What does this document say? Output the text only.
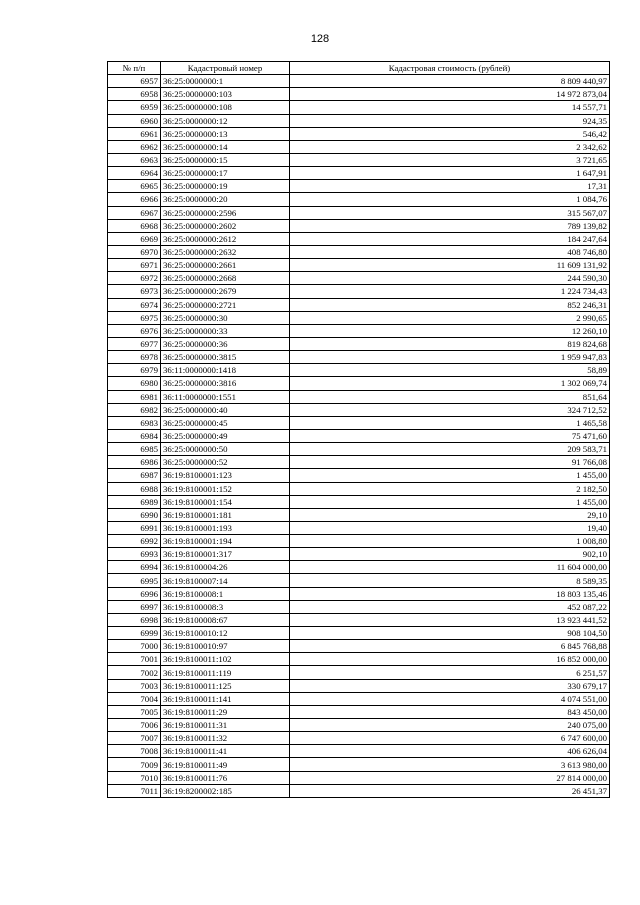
128
№ п/п	Кадастровый номер	Кадастровая стоимость (рублей)
6957	36:25:0000000:1	8 809 440,97
6958	36:25:0000000:103	14 972 873,04
6959	36:25:0000000:108	14 557,71
6960	36:25:0000000:12	924,35
6961	36:25:0000000:13	546,42
6962	36:25:0000000:14	2 342,62
6963	36:25:0000000:15	3 721,65
6964	36:25:0000000:17	1 647,91
6965	36:25:0000000:19	17,31
6966	36:25:0000000:20	1 084,76
6967	36:25:0000000:2596	315 567,07
6968	36:25:0000000:2602	789 139,82
6969	36:25:0000000:2612	184 247,64
6970	36:25:0000000:2632	408 746,80
6971	36:25:0000000:2661	11 609 131,92
6972	36:25:0000000:2668	244 590,30
6973	36:25:0000000:2679	1 224 734,43
6974	36:25:0000000:2721	852 246,31
6975	36:25:0000000:30	2 990,65
6976	36:25:0000000:33	12 260,10
6977	36:25:0000000:36	819 824,68
6978	36:25:0000000:3815	1 959 947,83
6979	36:11:0000000:1418	58,89
6980	36:25:0000000:3816	1 302 069,74
6981	36:11:0000000:1551	851,64
6982	36:25:0000000:40	324 712,52
6983	36:25:0000000:45	1 465,58
6984	36:25:0000000:49	75 471,60
6985	36:25:0000000:50	209 583,71
6986	36:25:0000000:52	91 766,08
6987	36:19:8100001:123	1 455,00
6988	36:19:8100001:152	2 182,50
6989	36:19:8100001:154	1 455,00
6990	36:19:8100001:181	29,10
6991	36:19:8100001:193	19,40
6992	36:19:8100001:194	1 008,80
6993	36:19:8100001:317	902,10
6994	36:19:8100004:26	11 604 000,00
6995	36:19:8100007:14	8 589,35
6996	36:19:8100008:1	18 803 135,46
6997	36:19:8100008:3	452 087,22
6998	36:19:8100008:67	13 923 441,52
6999	36:19:8100010:12	908 104,50
7000	36:19:8100010:97	6 845 768,88
7001	36:19:8100011:102	16 852 000,00
7002	36:19:8100011:119	6 251,57
7003	36:19:8100011:125	330 679,17
7004	36:19:8100011:141	4 074 551,00
7005	36:19:8100011:29	843 450,00
7006	36:19:8100011:31	240 075,00
7007	36:19:8100011:32	6 747 600,00
7008	36:19:8100011:41	406 626,04
7009	36:19:8100011:49	3 613 980,00
7010	36:19:8100011:76	27 814 000,00
7011	36:19:8200002:185	26 451,37
